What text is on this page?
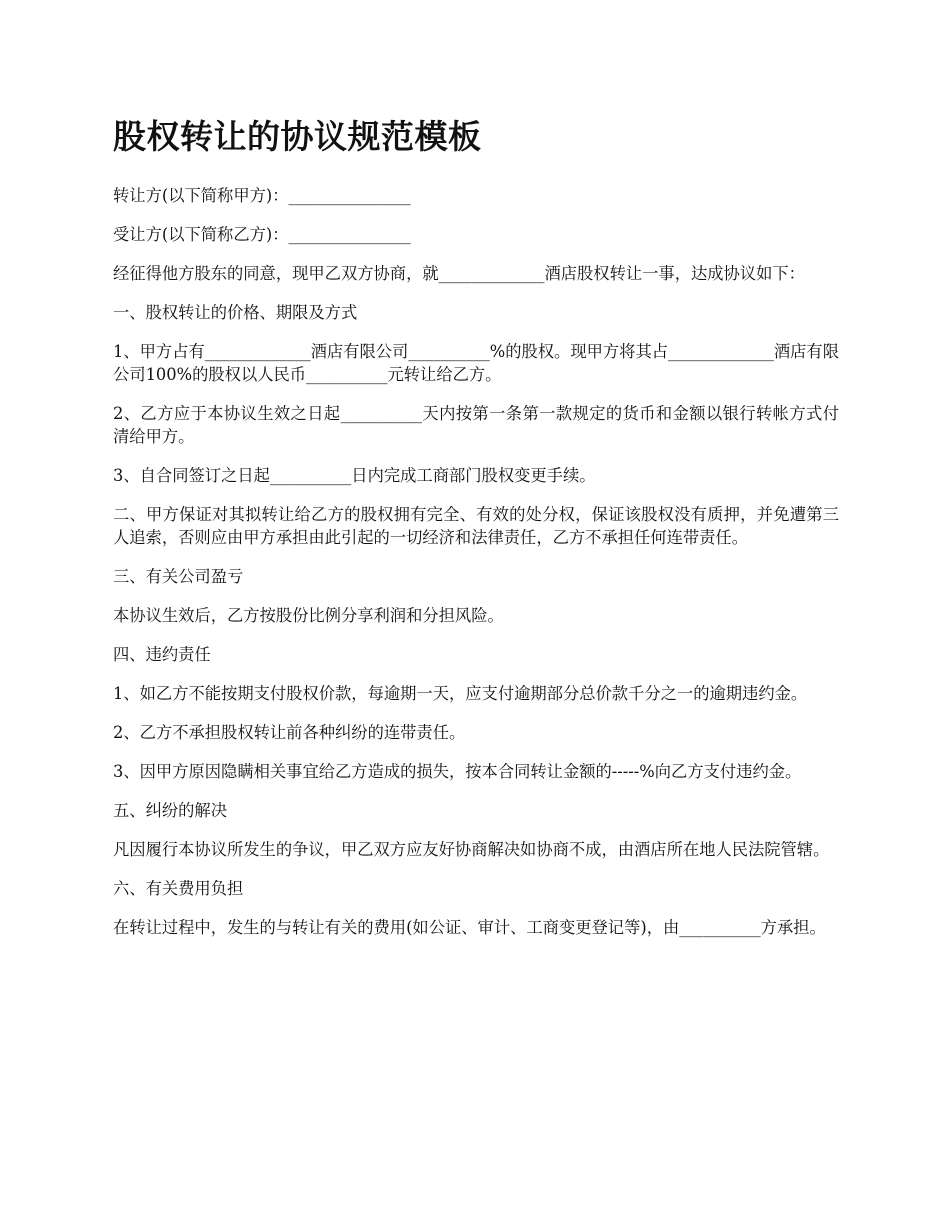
股权转让的协议规范模板

转让方(以下简称甲方)：_______________

受让方(以下简称乙方)：_______________

经征得他方股东的同意，现甲乙双方协商，就_____________酒店股权转让一事，达成协议如下：

一、股权转让的价格、期限及方式

1、甲方占有_____________酒店有限公司__________%的股权。现甲方将其占_____________酒店有限公司100%的股权以人民币__________元转让给乙方。

2、乙方应于本协议生效之日起__________天内按第一条第一款规定的货币和金额以银行转帐方式付清给甲方。

3、自合同签订之日起__________日内完成工商部门股权变更手续。

二、甲方保证对其拟转让给乙方的股权拥有完全、有效的处分权，保证该股权没有质押，并免遭第三人追索，否则应由甲方承担由此引起的一切经济和法律责任，乙方不承担任何连带责任。

三、有关公司盈亏

本协议生效后，乙方按股份比例分享利润和分担风险。

四、违约责任

1、如乙方不能按期支付股权价款，每逾期一天，应支付逾期部分总价款千分之一的逾期违约金。

2、乙方不承担股权转让前各种纠纷的连带责任。

3、因甲方原因隐瞒相关事宜给乙方造成的损失，按本合同转让金额的-----%向乙方支付违约金。

五、纠纷的解决

凡因履行本协议所发生的争议，甲乙双方应友好协商解决如协商不成，由酒店所在地人民法院管辖。

六、有关费用负担

在转让过程中，发生的与转让有关的费用(如公证、审计、工商变更登记等)，由__________方承担。
